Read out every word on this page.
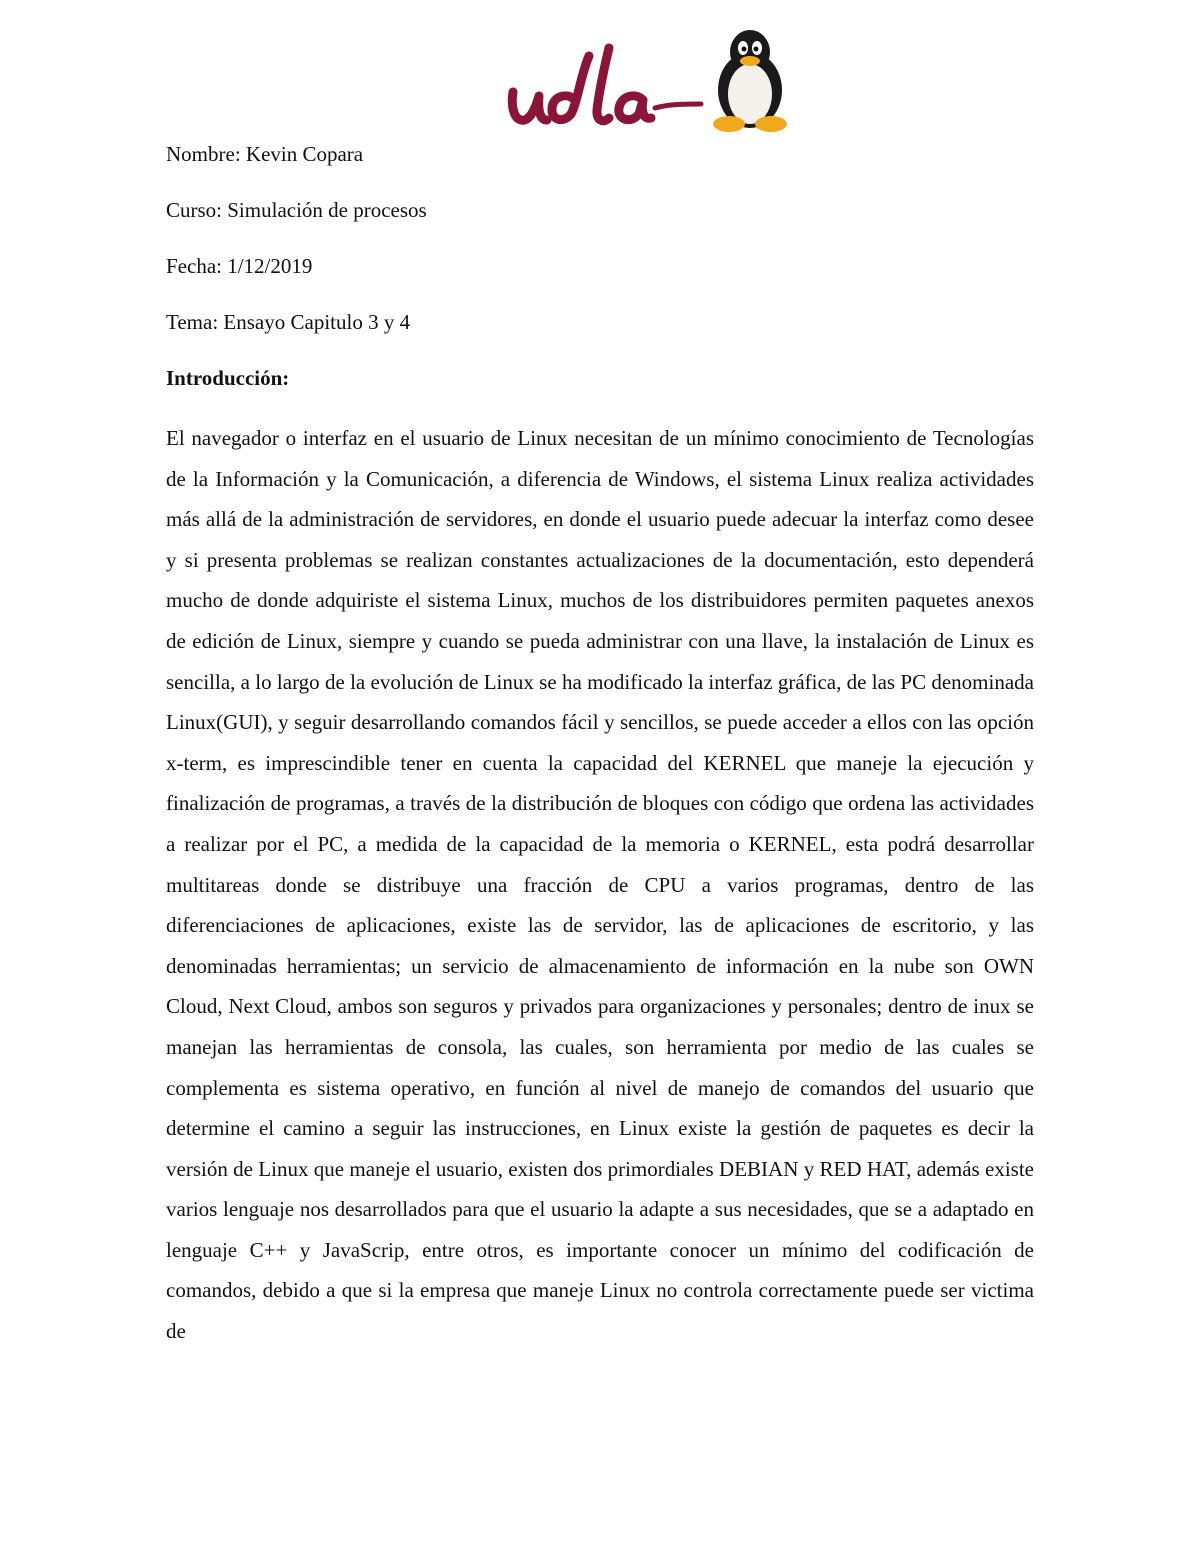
Nombre: Kevin Copara
Curso: Simulación de procesos
Fecha: 1/12/2019
Tema: Ensayo Capitulo 3 y 4
Introducción:

El navegador o interfaz en el usuario de Linux necesitan de un mínimo conocimiento de Tecnologías de la Información y la Comunicación, a diferencia de Windows, el sistema Linux realiza actividades más allá de la administración de servidores, en donde el usuario puede adecuar la interfaz como desee y si presenta problemas se realizan constantes actualizaciones de la documentación, esto dependerá mucho de donde adquiriste el sistema Linux, muchos de los distribuidores permiten paquetes anexos de edición de Linux, siempre y cuando se pueda administrar con una llave, la instalación de Linux es sencilla, a lo largo de la evolución de Linux se ha modificado la interfaz gráfica, de las PC denominada Linux(GUI), y seguir desarrollando comandos fácil y sencillos, se puede acceder a ellos con las opción x-term, es imprescindible tener en cuenta la capacidad del KERNEL que maneje la ejecución y finalización de programas, a través de la distribución de bloques con código que ordena las actividades a realizar por el PC, a medida de la capacidad de la memoria o KERNEL, esta podrá desarrollar multitareas donde se distribuye una fracción de CPU a varios programas, dentro de las diferenciaciones de aplicaciones, existe las de servidor, las de aplicaciones de escritorio, y las denominadas herramientas; un servicio de almacenamiento de información en la nube son OWN Cloud, Next Cloud, ambos son seguros y privados para organizaciones y personales; dentro de inux se manejan las herramientas de consola, las cuales, son herramienta por medio de las cuales se complementa es sistema operativo, en función al nivel de manejo de comandos del usuario que determine el camino a seguir las instrucciones, en Linux existe la gestión de paquetes es decir la versión de Linux que maneje el usuario, existen dos primordiales DEBIAN y RED HAT, además existe varios lenguaje nos desarrollados para que el usuario la adapte a sus necesidades, que se a adaptado en lenguaje C++ y JavaScrip, entre otros, es importante conocer un mínimo del codificación de comandos, debido a que si la empresa que maneje Linux no controla correctamente puede ser victima de
